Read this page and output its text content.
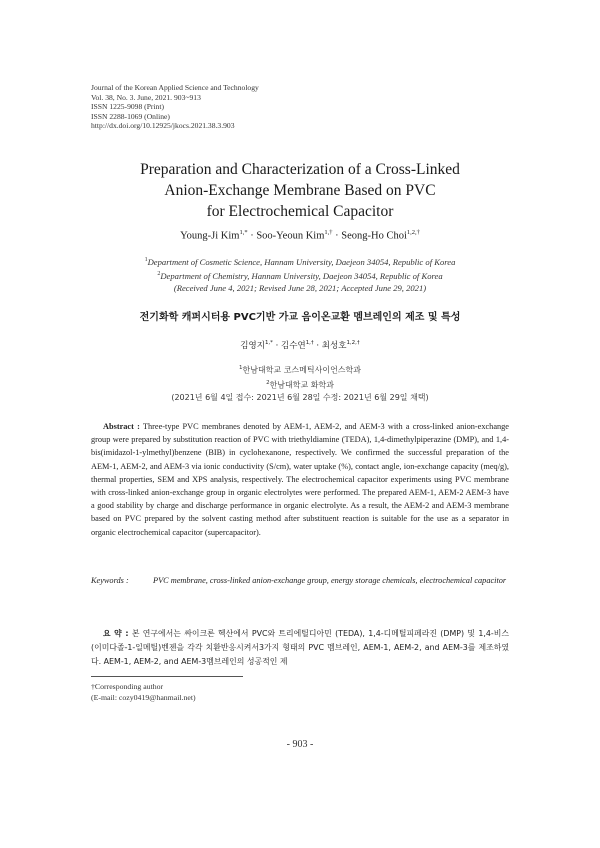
Journal of the Korean Applied Science and Technology
Vol. 38, No. 3. June, 2021. 903~913
ISSN 1225-9098 (Print)
ISSN 2288-1069 (Online)
http://dx.doi.org/10.12925/jkocs.2021.38.3.903
Preparation and Characterization of a Cross-Linked
Anion-Exchange Membrane Based on PVC
for Electrochemical Capacitor
Young-Ji Kim$^{1,*}$ · Soo-Yeoun Kim$^{1,\dagger}$ · Seong-Ho Choi$^{1,2,\dagger}$
$^1$Department of Cosmetic Science, Hannam University, Daejeon 34054, Republic of Korea
$^2$Department of Chemistry, Hannam University, Daejeon 34054, Republic of Korea
(Received June 4, 2021; Revised June 28, 2021; Accepted June 29, 2021)
전기화학 캐퍼시터용 PVC기반 가교 음이온교환 멤브레인의 제조 및 특성
김영지$^{1,*}$ · 김수연$^{1,\dagger}$ · 최성호$^{1,2,\dagger}$
$^1$한남대학교 코스메틱사이언스학과
$^2$한남대학교 화학과
(2021년 6월 4일 접수: 2021년 6월 28일 수정: 2021년 6월 29일 채택)

Abstract : Three-type PVC membranes denoted by AEM-1, AEM-2, and AEM-3 with a cross-linked anion-exchange group were prepared by substitution reaction of PVC with triethyldiamine (TEDA), 1,4-dimethylpiperazine (DMP), and 1,4-bis(imidazol-1-ylmethyl)benzene (BIB) in cyclohexanone, respectively. We confirmed the successful preparation of the AEM-1, AEM-2, and AEM-3 via ionic conductivity (S/cm), water uptake (%), contact angle, ion-exchange capacity (meq/g), thermal properties, SEM and XPS analysis, respectively. The electrochemical capacitor experiments using PVC membrane with cross-linked anion-exchange group in organic electrolytes were performed. The prepared AEM-1, AEM-2 AEM-3 have a good stability by charge and discharge performance in organic electrolyte. As a result, the AEM-2 and AEM-3 membrane based on PVC prepared by the solvent casting method after substituent reaction is suitable for the use as a separator in organic electrochemical capacitor (supercapacitor).

Keywords :	PVC membrane, cross-linked anion-exchange group, energy storage chemicals, electrochemical capacitor

요 약 : 본 연구에서는 싸이크론 헥산에서 PVC와 트리에틸디아민 (TEDA), 1,4-디메틸피페라진 (DMP) 및 1,4-비스(이미다졸-1-일메틸)벤젠을 각각 치환반응시켜서3가지 형태의 PVC 멤브레인, AEM-1, AEM-2, and AEM-3를 제조하였다. AEM-1, AEM-2, and AEM-3멤브레인의 성공적인 제

†Corresponding author
(E-mail: cozy0419@hanmail.net)
- 903 -
